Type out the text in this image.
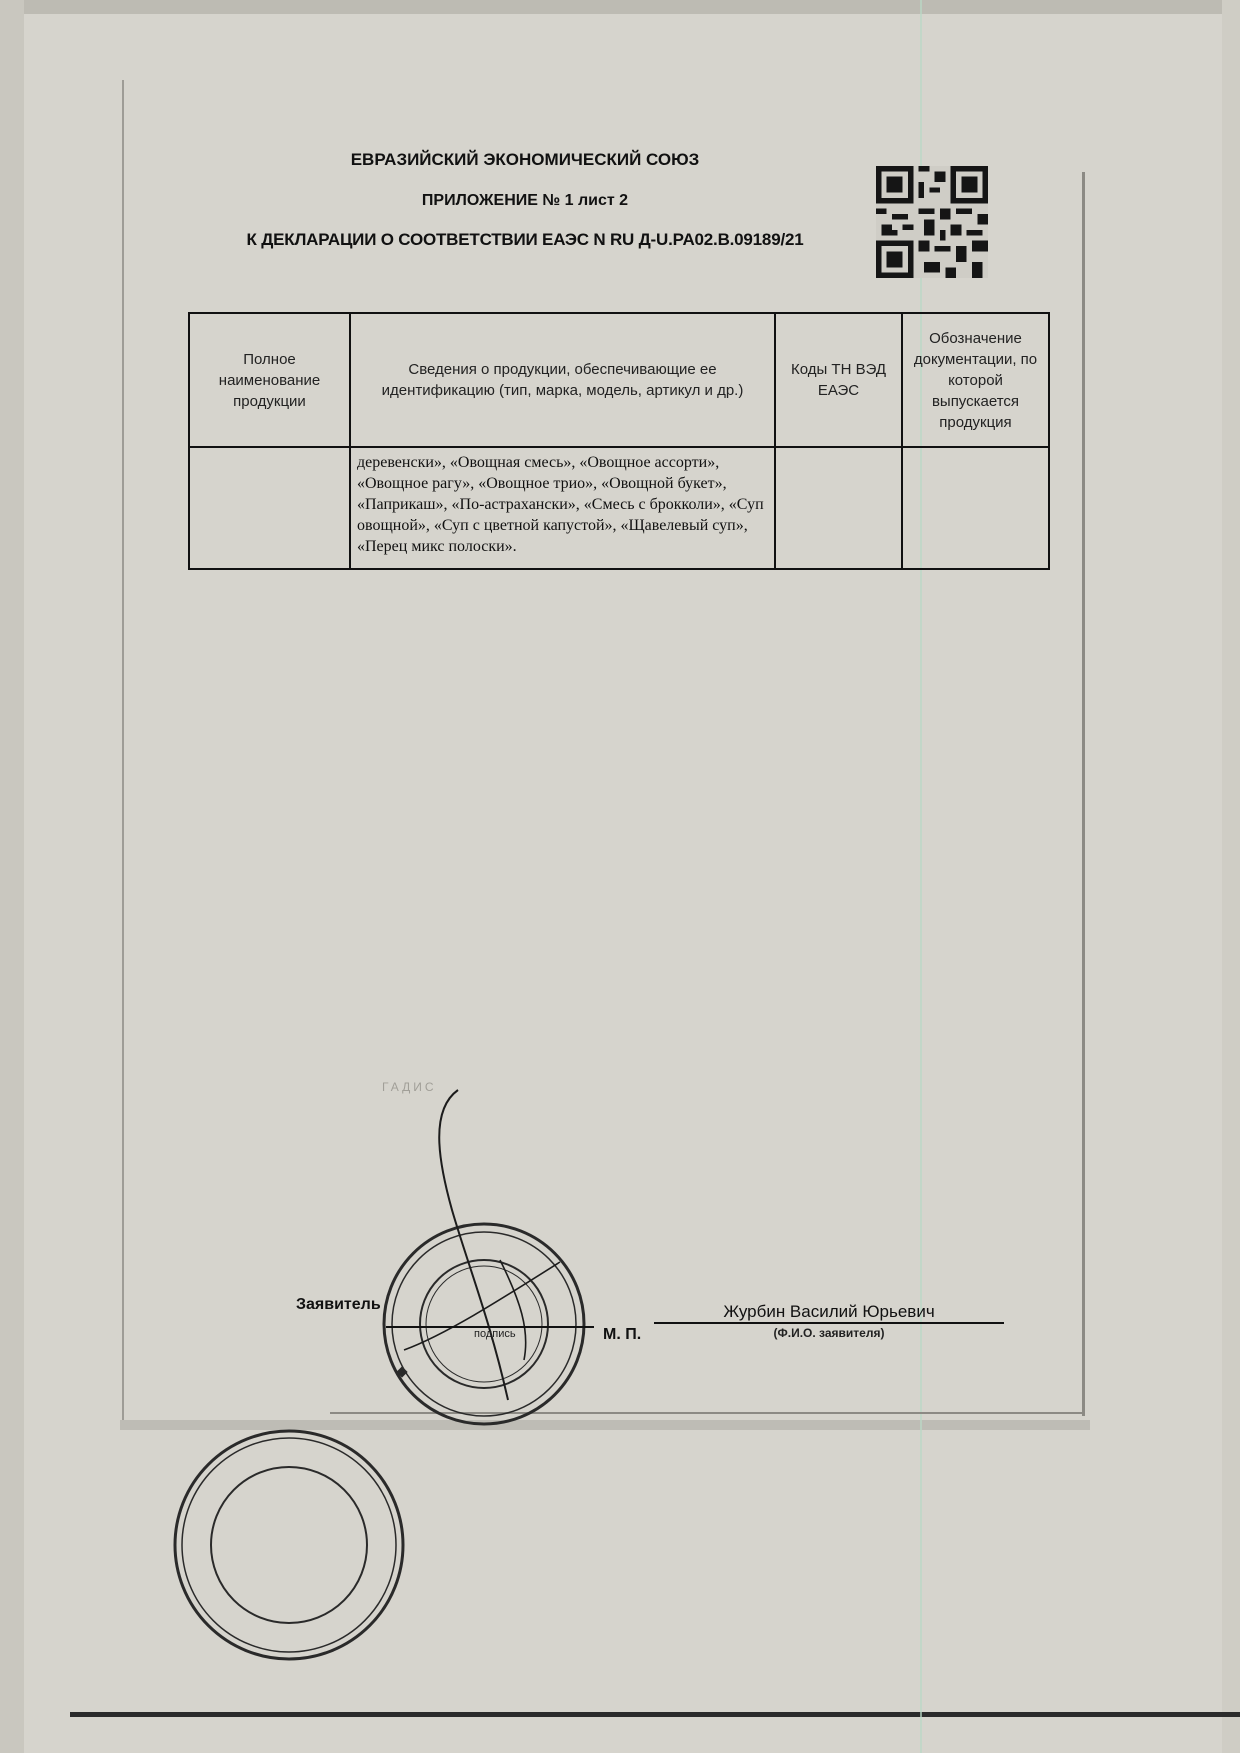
ЕВРАЗИЙСКИЙ ЭКОНОМИЧЕСКИЙ СОЮЗ
ПРИЛОЖЕНИЕ № 1 лист 2
К ДЕКЛАРАЦИИ О СООТВЕТСТВИИ ЕАЭС N RU Д-U.PA02.B.09189/21
Полное наименование продукции	Сведения о продукции, обеспечивающие ее идентификацию (тип, марка, модель, артикул и др.)	Коды ТН ВЭД ЕАЭС	Обозначение документации, по которой выпускается продукция
	деревенски», «Овощная смесь», «Овощное ассорти», «Овощное рагу», «Овощное трио», «Овощной букет», «Паприкаш», «По-астрахански», «Смесь с брокколи», «Суп овощной», «Суп с цветной капустой», «Щавелевый суп», «Перец микс полоски».		
ГАДИС
Заявитель
подпись	М. П.
Журбин Василий Юрьевич
(Ф.И.О. заявителя)
